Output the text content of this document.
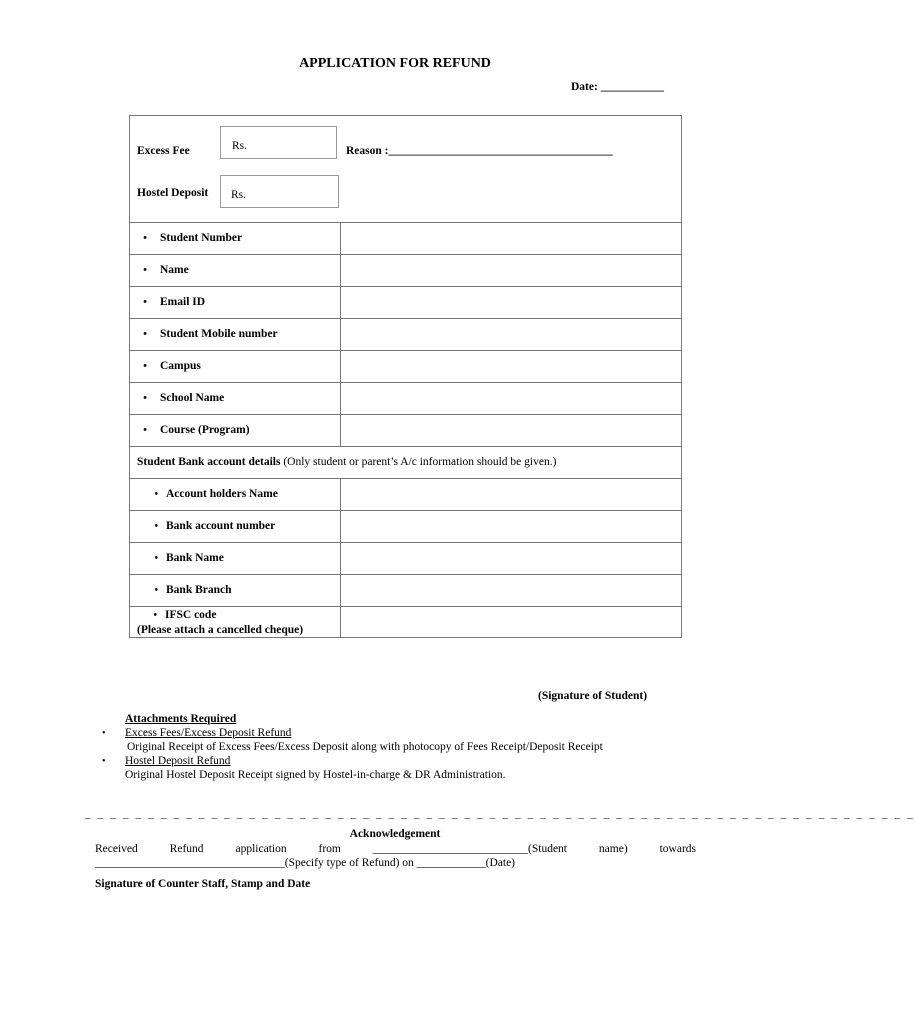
APPLICATION FOR REFUND
Date: ___________
Excess Fee	Rs.	Reason :_______________________________________
Hostel Deposit	Rs.
•	Student Number
•	Name
•	Email ID
•	Student Mobile number
•	Campus
•	School Name
•	Course (Program)
Student Bank account details (Only student or parent’s A/c information should be given.)
• Account holders Name
• Bank account number
• Bank Name
• Bank Branch
• IFSC code
(Please attach a cancelled cheque)
(Signature of Student)
Attachments Required
• Excess Fees/Excess Deposit Refund
Original Receipt of Excess Fees/Excess Deposit along with photocopy of Fees Receipt/Deposit Receipt
• Hostel Deposit Refund
Original Hostel Deposit Receipt signed by Hostel-in-charge & DR Administration.
_ _ _ _ _ _ _ _ _ _ _ _ _ _ _ _ _ _ _ _ _ _ _ _ _ _ _ _ _ _ _ _ _ _ _ _ _ _ _ _ _ _ _ _ _ _ _ _ _ _ _ _ _ _ _ _ _ _ _ _ _ _ _ _ _ _
Acknowledgement
Received Refund application from ___________________________(Student name) towards
_________________________________(Specify type of Refund) on ____________(Date)
Signature of Counter Staff, Stamp and Date
